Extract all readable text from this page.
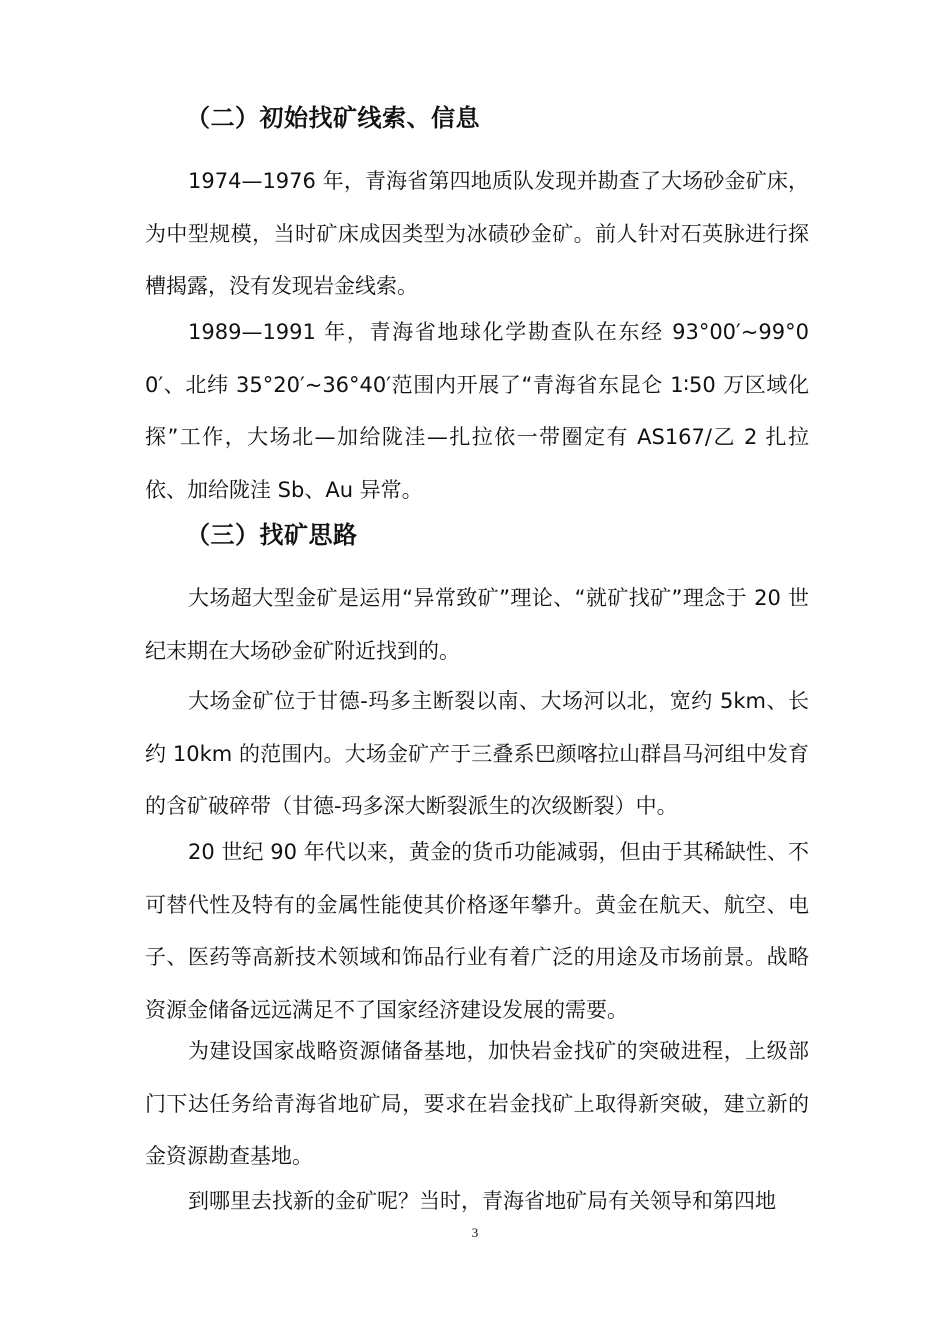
（二）初始找矿线索、信息

1974—1976 年，青海省第四地质队发现并勘查了大场砂金矿床，为中型规模，当时矿床成因类型为冰碛砂金矿。前人针对石英脉进行探槽揭露，没有发现岩金线索。

1989—1991 年，青海省地球化学勘查队在东经 93°00′~99°00′、北纬 35°20′~36°40′范围内开展了“青海省东昆仑 1∶50 万区域化探”工作，大场北—加给陇洼—扎拉依一带圈定有 AS167/乙 2 扎拉依、加给陇洼 Sb、Au 异常。

（三）找矿思路

大场超大型金矿是运用“异常致矿”理论、“就矿找矿”理念于 20 世纪末期在大场砂金矿附近找到的。

大场金矿位于甘德-玛多主断裂以南、大场河以北，宽约 5km、长约 10km 的范围内。大场金矿产于三叠系巴颜喀拉山群昌马河组中发育的含矿破碎带（甘德-玛多深大断裂派生的次级断裂）中。

20 世纪 90 年代以来，黄金的货币功能减弱，但由于其稀缺性、不可替代性及特有的金属性能使其价格逐年攀升。黄金在航天、航空、电子、医药等高新技术领域和饰品行业有着广泛的用途及市场前景。战略资源金储备远远满足不了国家经济建设发展的需要。

为建设国家战略资源储备基地，加快岩金找矿的突破进程，上级部门下达任务给青海省地矿局，要求在岩金找矿上取得新突破，建立新的金资源勘查基地。

到哪里去找新的金矿呢？当时，青海省地矿局有关领导和第四地

3
